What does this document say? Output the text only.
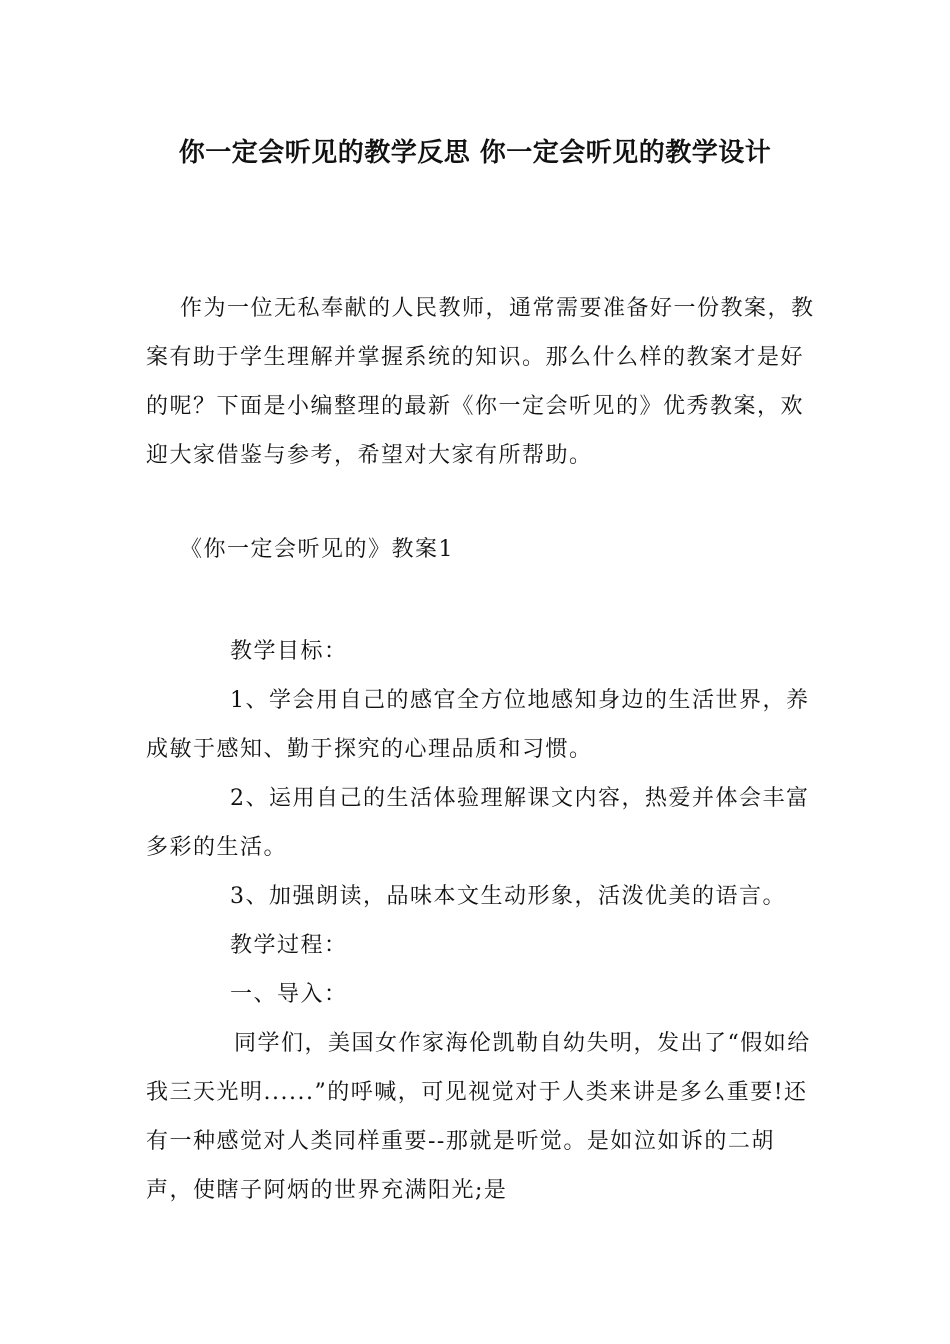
你一定会听见的教学反思 你一定会听见的教学设计

作为一位无私奉献的人民教师，通常需要准备好一份教案，教案有助于学生理解并掌握系统的知识。那么什么样的教案才是好的呢？下面是小编整理的最新《你一定会听见的》优秀教案，欢迎大家借鉴与参考，希望对大家有所帮助。

《你一定会听见的》教案1

教学目标：

1、学会用自己的感官全方位地感知身边的生活世界，养成敏于感知、勤于探究的心理品质和习惯。

2、运用自己的生活体验理解课文内容，热爱并体会丰富多彩的生活。

3、加强朗读，品味本文生动形象，活泼优美的语言。

教学过程：

一、导入：

同学们，美国女作家海伦凯勒自幼失明，发出了“假如给我三天光明......”的呼喊，可见视觉对于人类来讲是多么重要!还有一种感觉对人类同样重要--那就是听觉。是如泣如诉的二胡声，使瞎子阿炳的世界充满阳光;是
